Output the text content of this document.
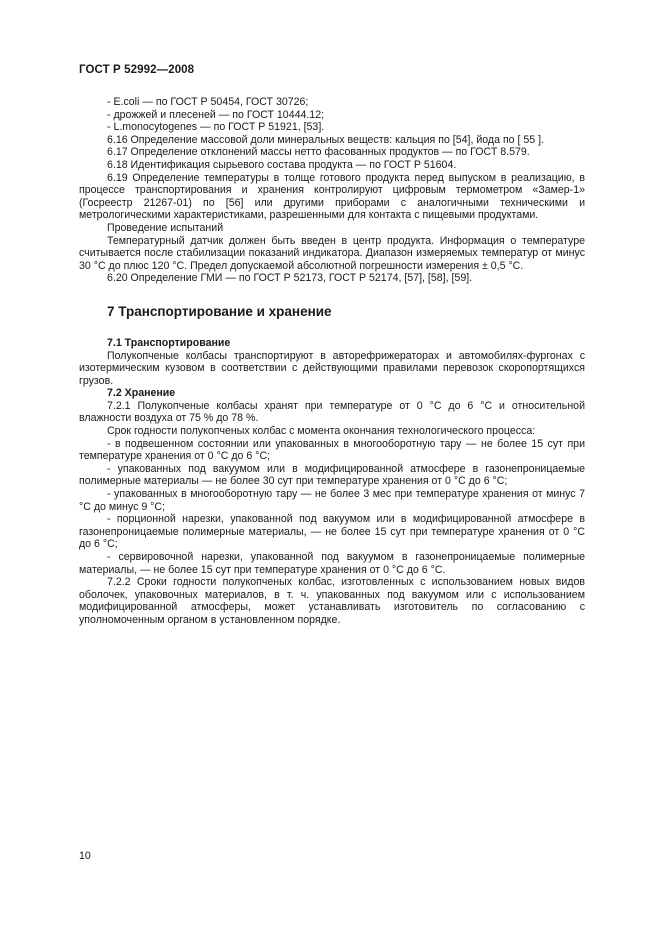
ГОСТ Р 52992—2008

- E.coli — по ГОСТ Р 50454, ГОСТ 30726;

- дрожжей и плесеней — по ГОСТ 10444.12;

- L.monocytogenes — по ГОСТ Р 51921, [53].

6.16 Определение массовой доли минеральных веществ: кальция по [54], йода по [ 55 ].

6.17 Определение отклонений массы нетто фасованных продуктов — по ГОСТ 8.579.

6.18 Идентификация сырьевого состава продукта — по ГОСТ Р 51604.

6.19 Определение температуры в толще готового продукта перед выпуском в реализацию, в процессе транспортирования и хранения контролируют цифровым термометром «Замер-1» (Госреестр 21267-01) по [56] или другими приборами с аналогичными техническими и метрологическими характеристиками, разрешенными для контакта с пищевыми продуктами.

Проведение испытаний

Температурный датчик должен быть введен в центр продукта. Информация о температуре считывается после стабилизации показаний индикатора. Диапазон измеряемых температур от минус 30 °С до плюс 120 °С. Предел допускаемой абсолютной погрешности измерения ± 0,5 °С.

6.20 Определение ГМИ — по ГОСТ Р 52173, ГОСТ Р 52174, [57], [58], [59].

7 Транспортирование и хранение

7.1 Транспортирование

Полукопченые колбасы транспортируют в авторефрижераторах и автомобилях-фургонах с изотермическим кузовом в соответствии с действующими правилами перевозок скоропортящихся грузов.

7.2 Хранение

7.2.1 Полукопченые колбасы хранят при температуре от 0 °С до 6 °С и относительной влажности воздуха от 75 % до 78 %.

Срок годности полукопченых колбас с момента окончания технологического процесса:

- в подвешенном состоянии или упакованных в многооборотную тару — не более 15 сут при температуре хранения от 0 °С до 6 °С;

- упакованных под вакуумом или в модифицированной атмосфере в газонепроницаемые полимерные материалы — не более 30 сут при температуре хранения от 0 °С до 6 °С;

- упакованных в многооборотную тару — не более 3 мес при температуре хранения от минус 7 °С до минус 9 °С;

- порционной нарезки, упакованной под вакуумом или в модифицированной атмосфере в газонепроницаемые полимерные материалы, — не более 15 сут при температуре хранения от 0 °С до 6 °С;

- сервировочной нарезки, упакованной под вакуумом в газонепроницаемые полимерные материалы, — не более 15 сут при температуре хранения от 0 °С до 6 °С.

7.2.2 Сроки годности полукопченых колбас, изготовленных с использованием новых видов оболочек, упаковочных материалов, в т. ч. упакованных под вакуумом или с использованием модифицированной атмосферы, может устанавливать изготовитель по согласованию с уполномоченным органом в установленном порядке.

10
